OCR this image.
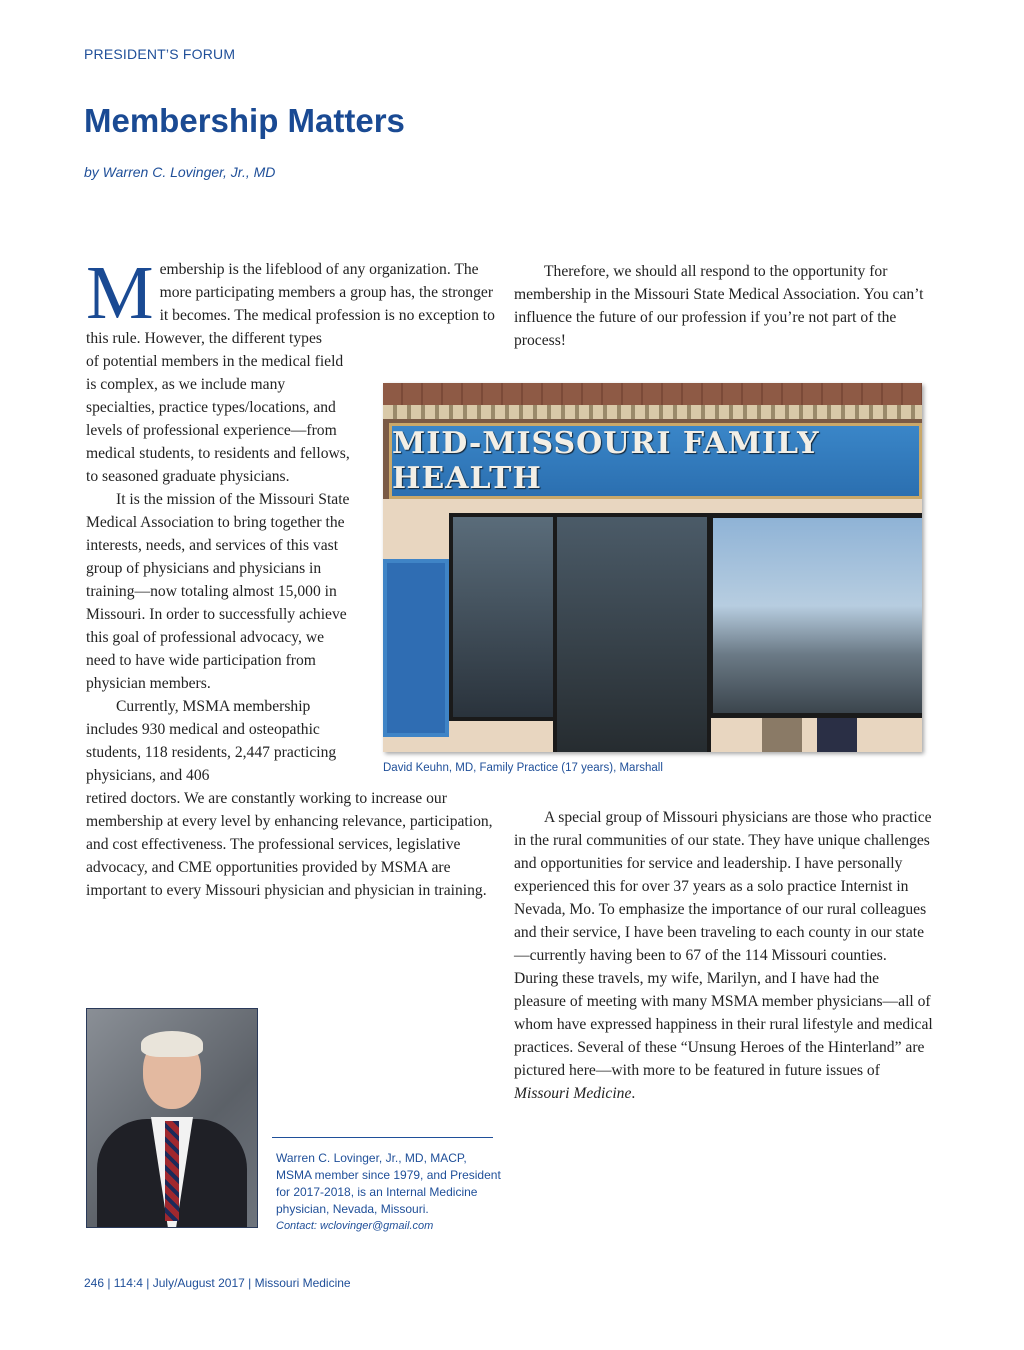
PRESIDENT’S FORUM
Membership Matters
by Warren C. Lovinger, Jr., MD

M embership is the lifeblood of any organization. The more participating members a group has, the stronger it becomes. The medical profession is no exception to this rule. However, the different types

of potential members in the medical field is complex, as we include many specialties, practice types/locations, and levels of professional experience—from medical students, to residents and fellows, to seasoned graduate physicians.

It is the mission of the Missouri State Medical Association to bring together the interests, needs, and services of this vast group of physicians and physicians in training—now totaling almost 15,000 in Missouri. In order to successfully achieve this goal of professional advocacy, we need to have wide participation from physician members.

Currently, MSMA membership includes 930 medical and osteopathic students, 118 residents, 2,447 practicing physicians, and 406

retired doctors. We are constantly working to increase our membership at every level by enhancing relevance, participation, and cost effectiveness. The professional services, legislative advocacy, and CME opportunities provided by MSMA are important to every Missouri physician and physician in training.

Therefore, we should all respond to the opportunity for membership in the Missouri State Medical Association. You can’t influence the future of our profession if you’re not part of the process!

MID-MISSOURI FAMILY HEALTH
David Keuhn, MD, Family Practice (17 years), Marshall

A special group of Missouri physicians are those who practice in the rural communities of our state. They have unique challenges and opportunities for service and leadership. I have personally experienced this for over 37 years as a solo practice Internist in Nevada, Mo. To emphasize the importance of our rural colleagues and their service, I have been traveling to each county in our state—currently having been to 67 of the 114 Missouri counties. During these travels, my wife, Marilyn, and I have had the pleasure of meeting with many MSMA member physicians—all of whom have expressed happiness in their rural lifestyle and medical practices. Several of these “Unsung Heroes of the Hinterland” are pictured here—with more to be featured in future issues of Missouri Medicine.

Warren C. Lovinger, Jr., MD, MACP, MSMA member since 1979, and President for 2017-2018, is an Internal Medicine physician, Nevada, Missouri.
Contact: wclovinger@gmail.com
246 | 114:4 | July/August 2017 | Missouri Medicine
